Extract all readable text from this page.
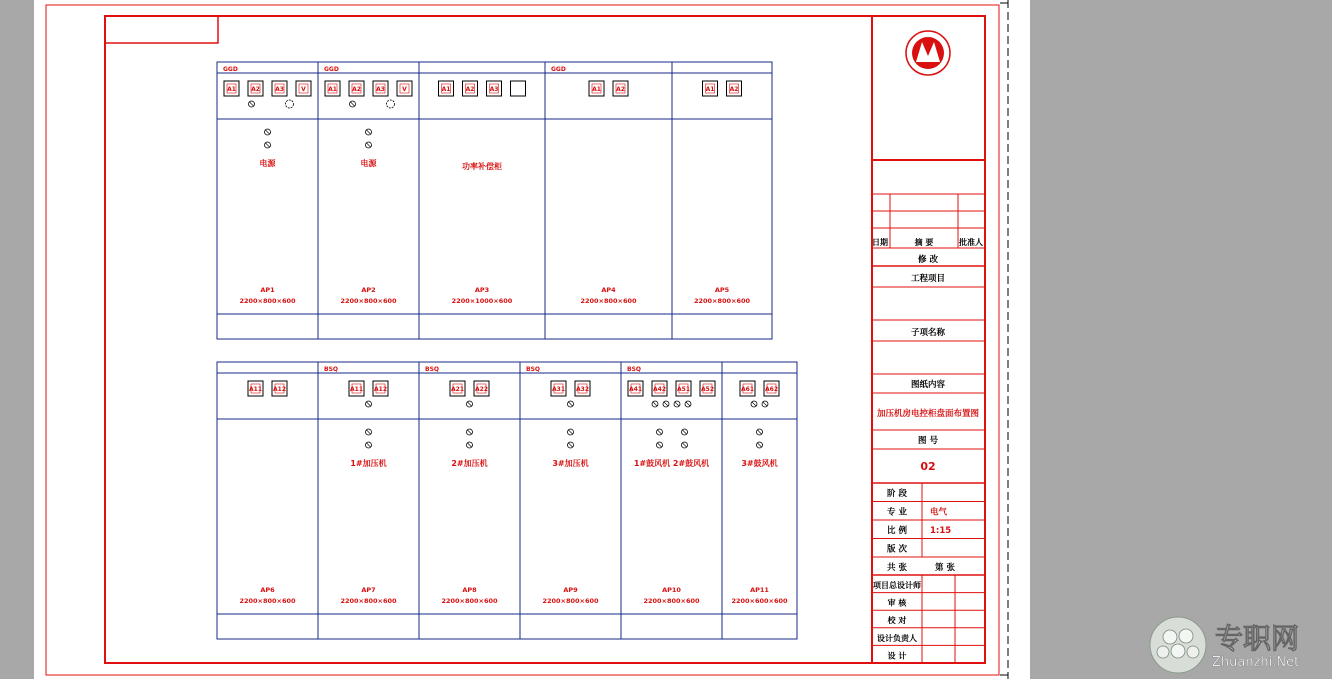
GGD
A1	A2	A3	V
电源
AP1
2200×800×600
GGD
A1	A2	A3	V
电源
AP2
2200×800×600
A1	A2	A3
功率补偿柜
AP3
2200×1000×600
GGD
A1	A2
AP4
2200×800×600
A1	A2
AP5
2200×800×600
A11 A12
AP6
2200×800×600
BSQ
A11 A12
1#加压机
AP7
2200×800×600
BSQ
A21 A22
2#加压机
AP8
2200×800×600
BSQ
A31 A32
3#加压机
AP9
2200×800×600
BSQ
A41 A42 A51 A52
1#鼓风机 2#鼓风机
AP10
2200×800×600
A61 A62
3#鼓风机
AP11
2200×600×600
日期	摘 要	批准人
修 改
工程项目
子项名称
图纸内容
加压机房电控柜盘面布置图
图 号
02
阶 段
专 业	电气
比 例	1:15
版 次
共 张	第 张
项目总设计师
审 核
校 对
设计负责人
设 计
专职网
Zhuanzhi.Net
